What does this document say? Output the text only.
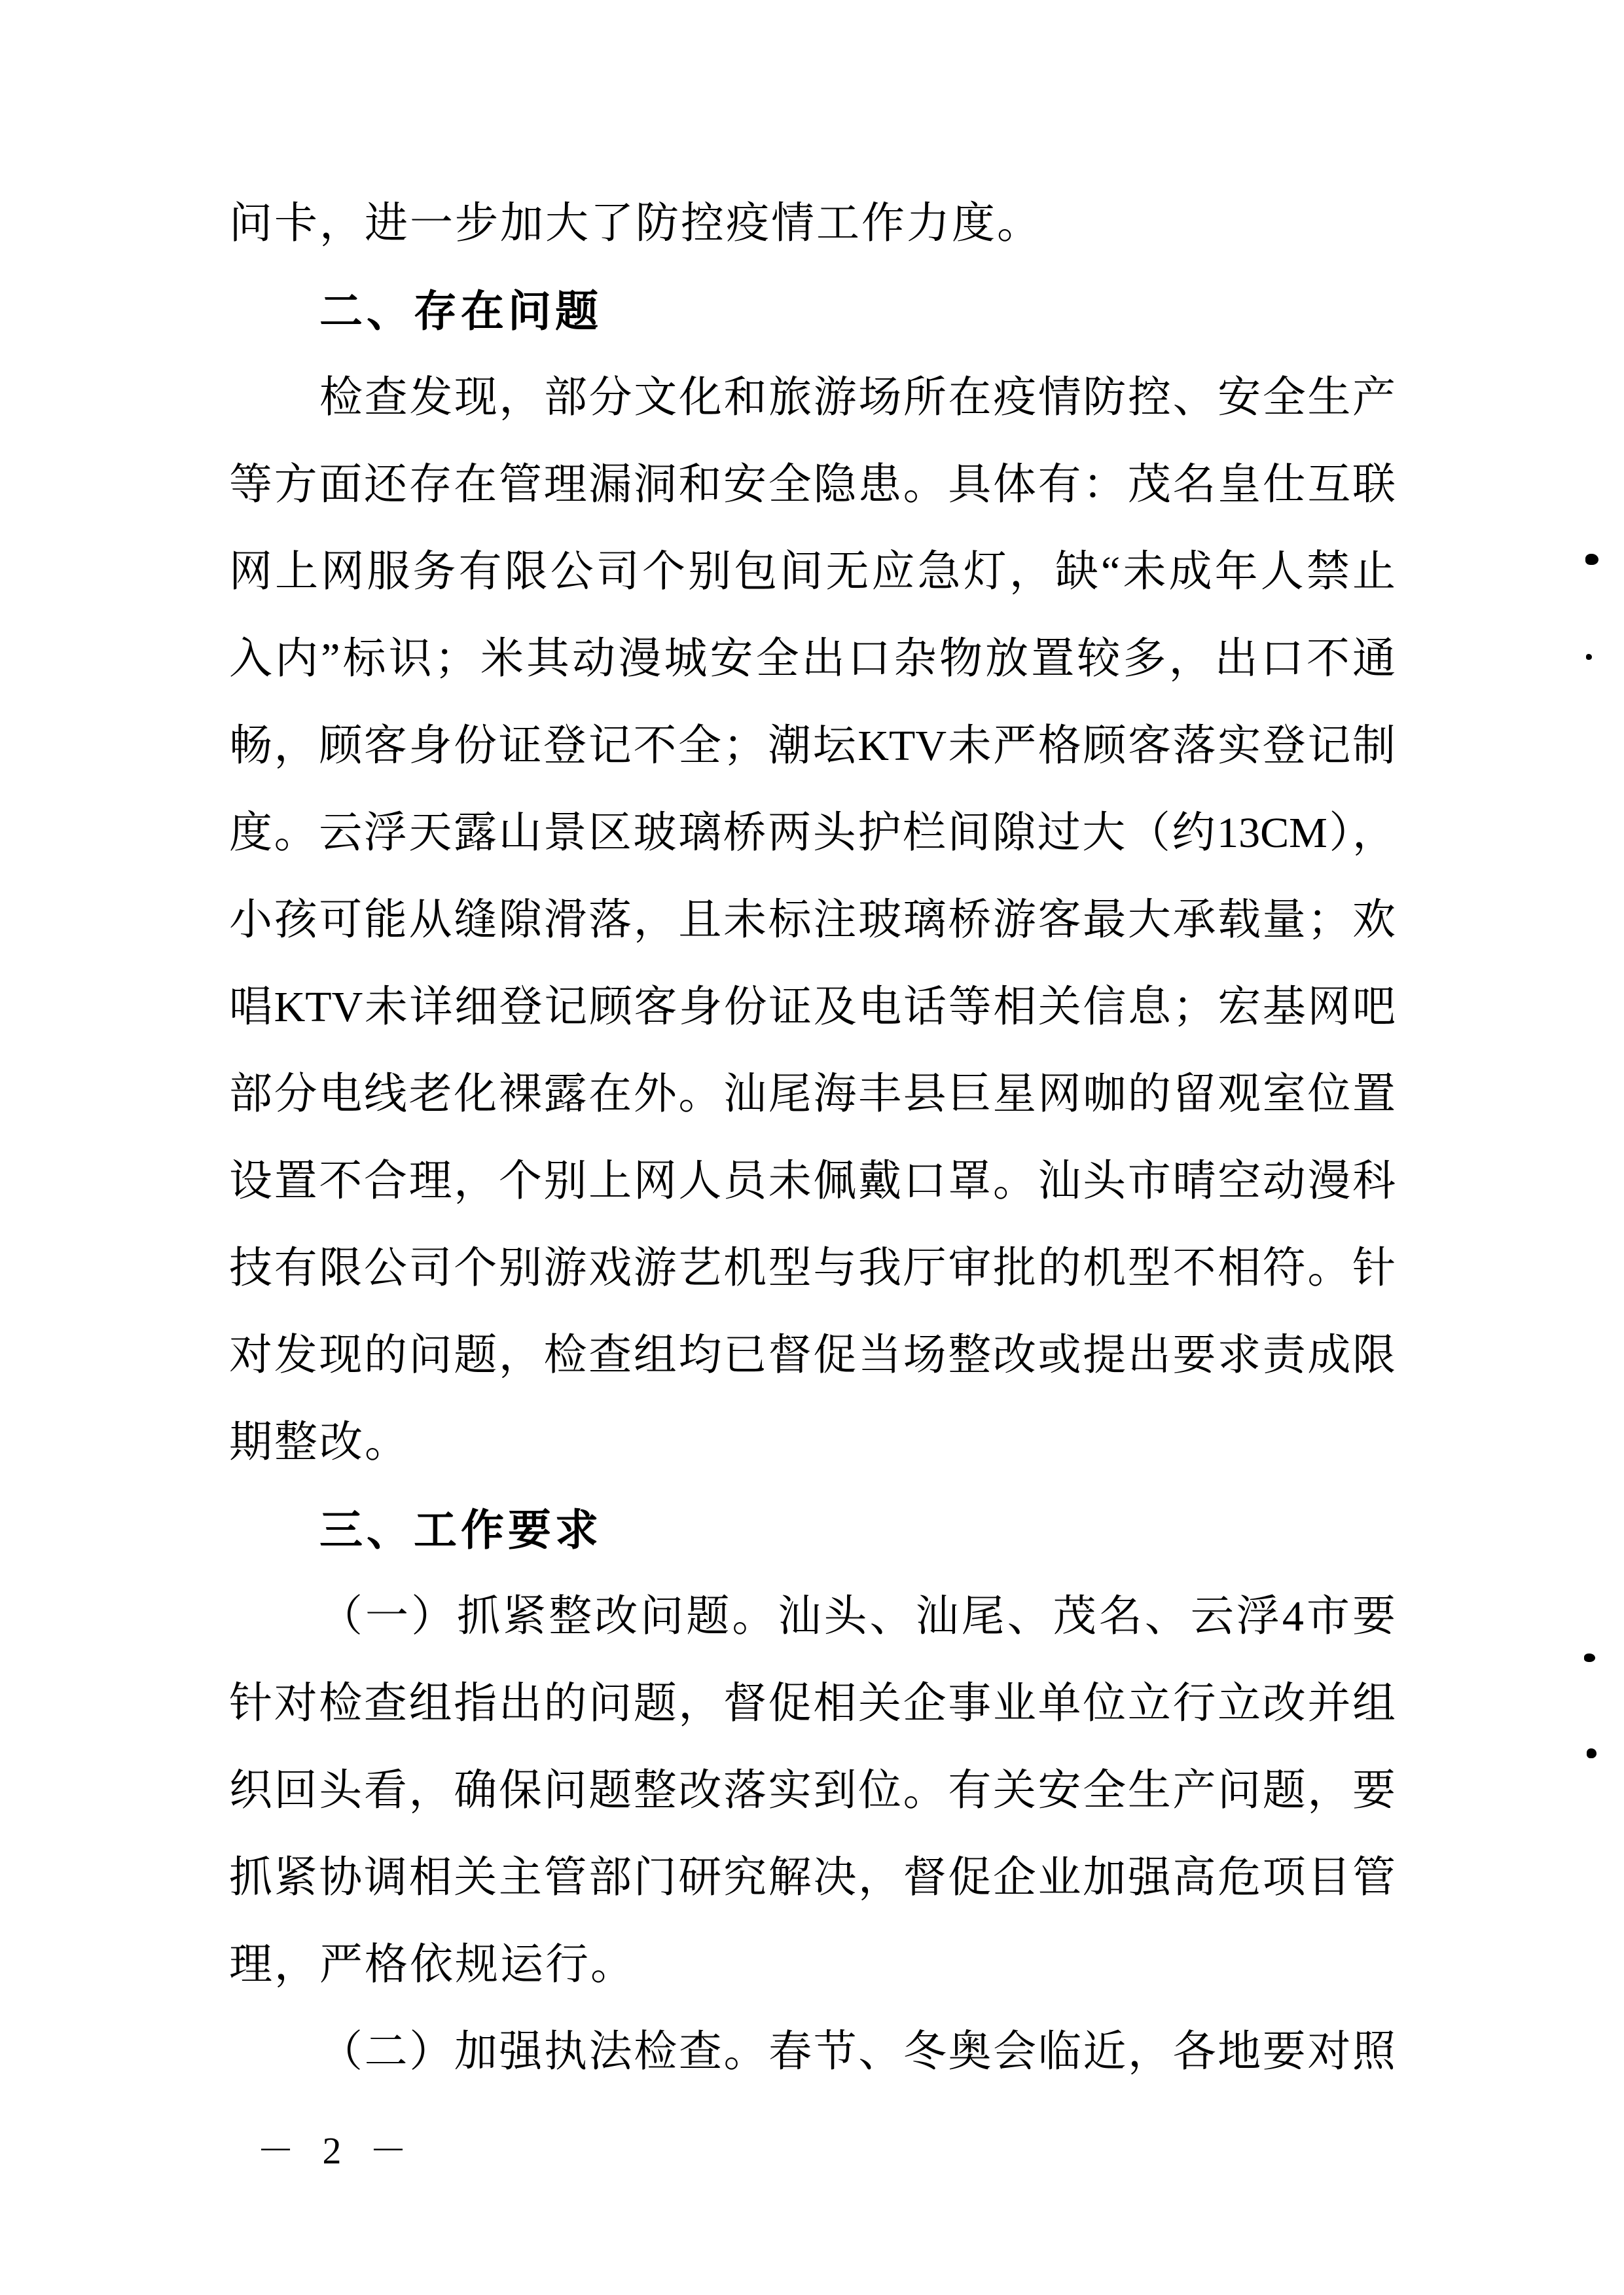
问卡，进一步加大了防控疫情工作力度。
二、存在问题
检查发现，部分文化和旅游场所在疫情防控、安全生产
等方面还存在管理漏洞和安全隐患。具体有：茂名皇仕互联
网上网服务有限公司个别包间无应急灯，缺“未成年人禁止
入内”标识；米其动漫城安全出口杂物放置较多，出口不通
畅，顾客身份证登记不全；潮坛KTV未严格顾客落实登记制
度。云浮天露山景区玻璃桥两头护栏间隙过大（约13CM），
小孩可能从缝隙滑落，且未标注玻璃桥游客最大承载量；欢
唱KTV未详细登记顾客身份证及电话等相关信息；宏基网吧
部分电线老化裸露在外。汕尾海丰县巨星网咖的留观室位置
设置不合理，个别上网人员未佩戴口罩。汕头市晴空动漫科
技有限公司个别游戏游艺机型与我厅审批的机型不相符。针
对发现的问题，检查组均已督促当场整改或提出要求责成限
期整改。
三、工作要求
（一）抓紧整改问题。汕头、汕尾、茂名、云浮4市要
针对检查组指出的问题，督促相关企事业单位立行立改并组
织回头看，确保问题整改落实到位。有关安全生产问题，要
抓紧协调相关主管部门研究解决，督促企业加强高危项目管
理，严格依规运行。
（二）加强执法检查。春节、冬奥会临近，各地要对照
－ 2 －
